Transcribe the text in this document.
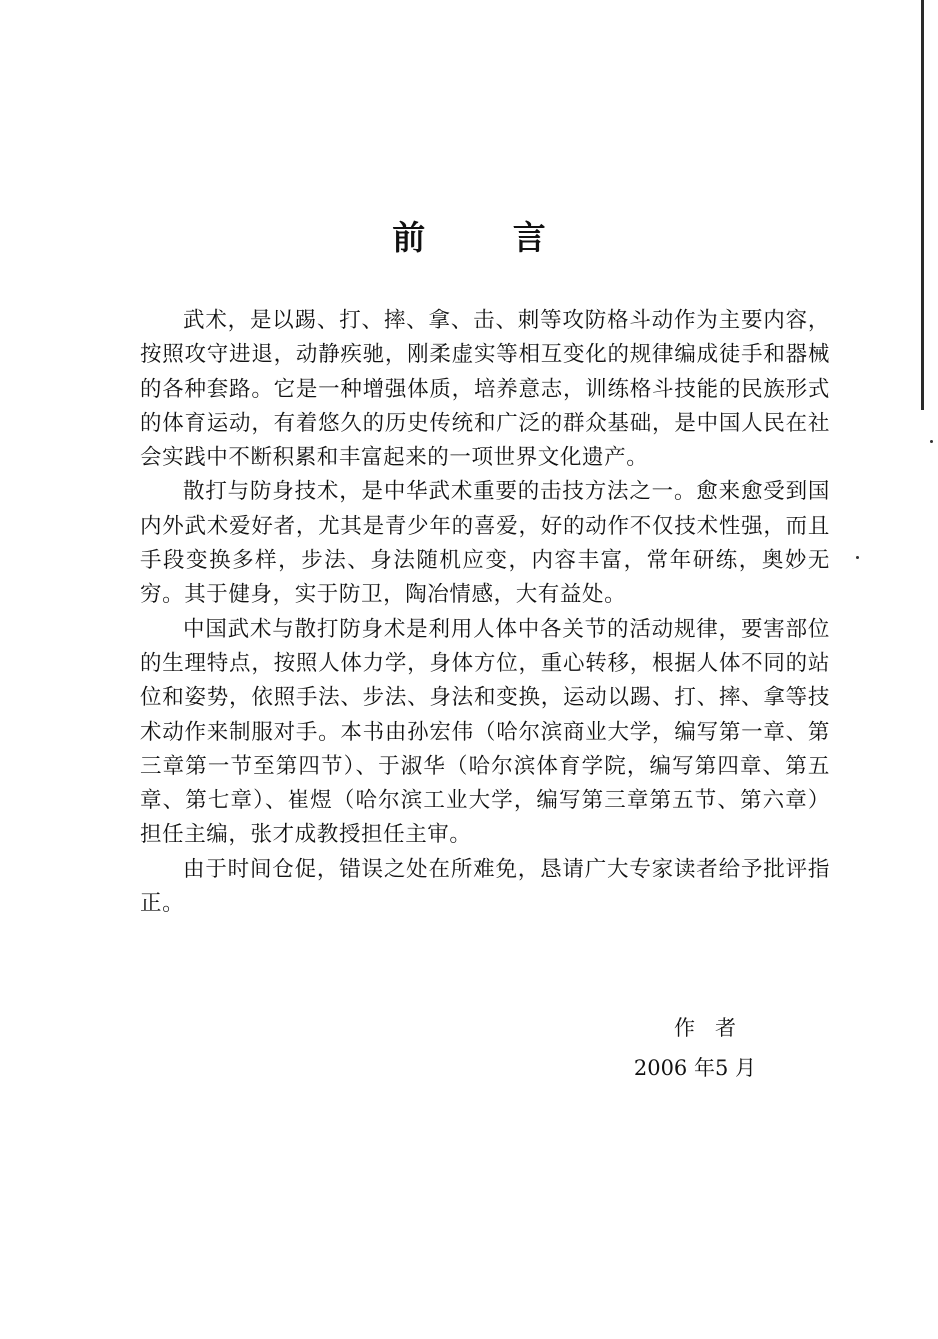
前 言

武术，是以踢、打、摔、拿、击、刺等攻防格斗动作为主要内容，按照攻守进退，动静疾驰，刚柔虚实等相互变化的规律编成徒手和器械的各种套路。它是一种增强体质，培养意志，训练格斗技能的民族形式的体育运动，有着悠久的历史传统和广泛的群众基础，是中国人民在社会实践中不断积累和丰富起来的一项世界文化遗产。

散打与防身技术，是中华武术重要的击技方法之一。愈来愈受到国内外武术爱好者，尤其是青少年的喜爱，好的动作不仅技术性强，而且手段变换多样，步法、身法随机应变，内容丰富，常年研练，奥妙无穷。其于健身，实于防卫，陶冶情感，大有益处。

中国武术与散打防身术是利用人体中各关节的活动规律，要害部位的生理特点，按照人体力学，身体方位，重心转移，根据人体不同的站位和姿势，依照手法、步法、身法和变换，运动以踢、打、摔、拿等技术动作来制服对手。本书由孙宏伟（哈尔滨商业大学，编写第一章、第三章第一节至第四节）、于淑华（哈尔滨体育学院，编写第四章、第五章、第七章）、崔煜（哈尔滨工业大学，编写第三章第五节、第六章）担任主编，张才成教授担任主审。

由于时间仓促，错误之处在所难免，恳请广大专家读者给予批评指正。

作者
2006 年5 月
